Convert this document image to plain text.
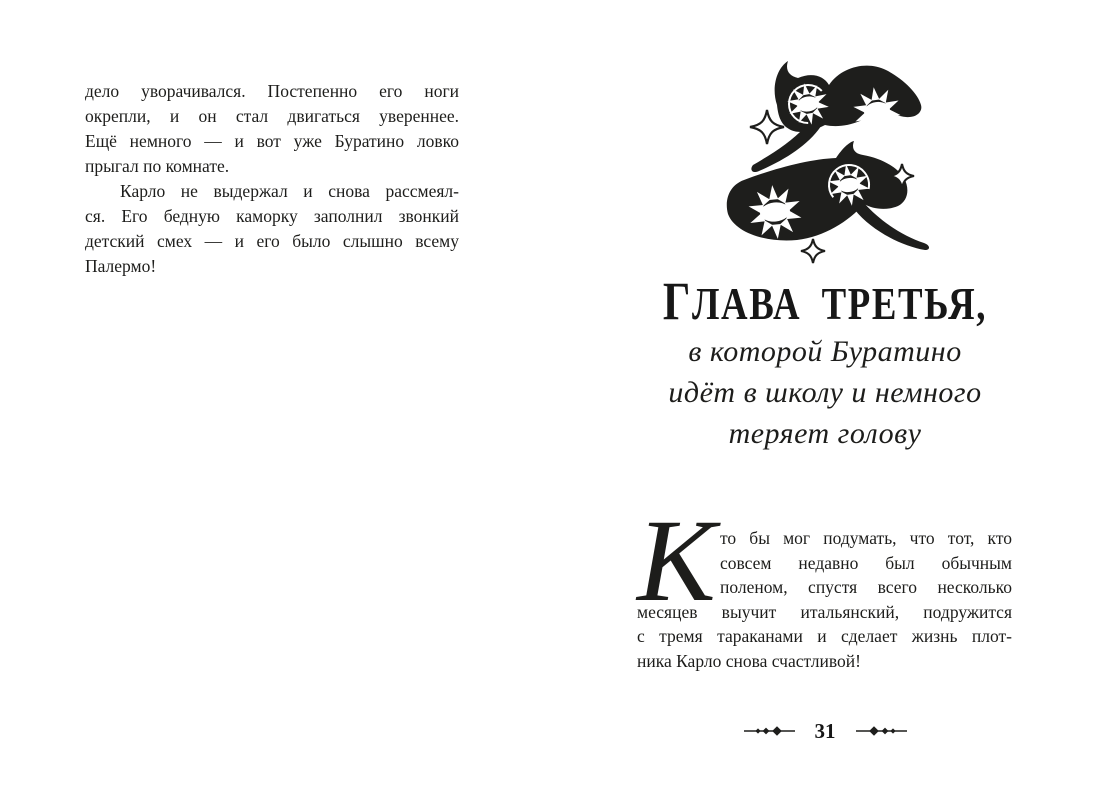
дело уворачивался. Постепенно его ноги
окрепли, и он стал двигаться увереннее.
Ещё немного — и вот уже Буратино ловко
прыгал по комнате.
Карло не выдержал и снова рассмеял-
ся. Его бедную каморку заполнил звонкий
детский смех — и его было слышно всему
Палермо!
ГЛАВА ТРЕТЬЯ,
в которой Буратино
идёт в школу и немного
теряет голову
К то бы мог подумать, что тот, кто
совсем недавно был обычным
поленом, спустя всего несколько
месяцев выучит итальянский, подружится
с тремя тараканами и сделает жизнь плот-
ника Карло снова счастливой!
31
